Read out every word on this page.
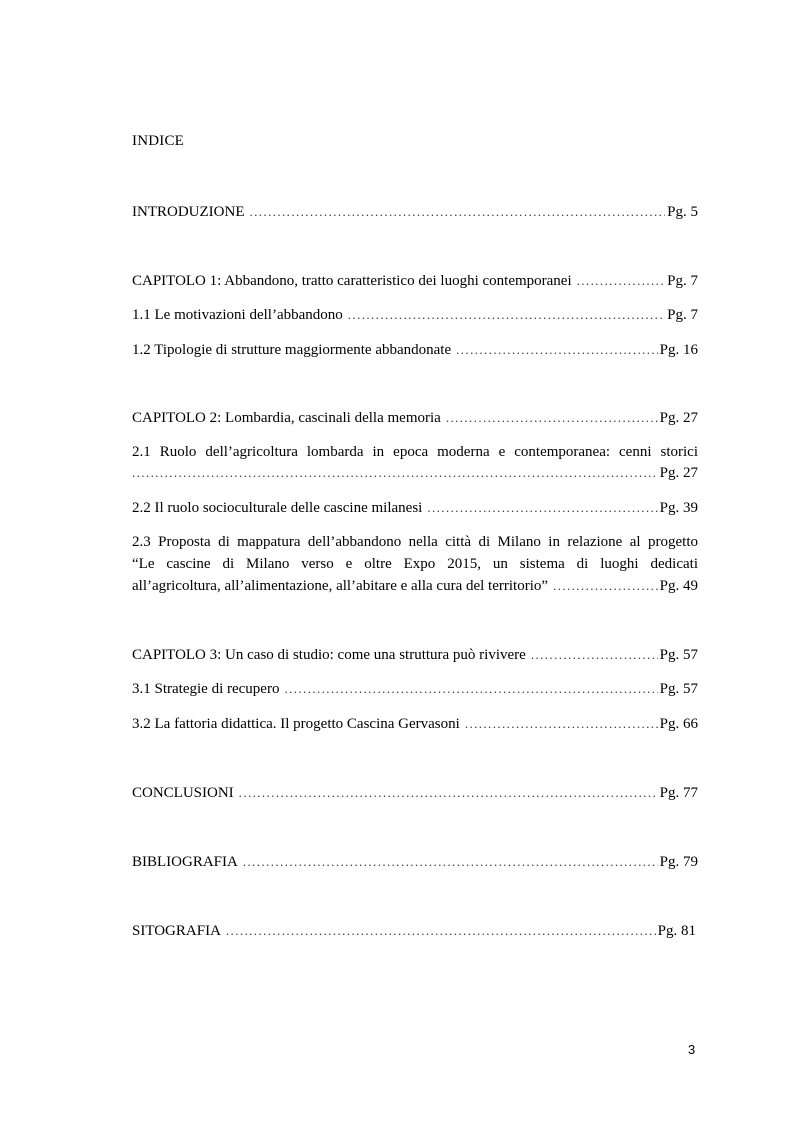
INDICE
INTRODUZIONE .....	Pg. 5
CAPITOLO 1: Abbandono, tratto caratteristico dei luoghi contemporanei .....	Pg. 7
1.1 Le motivazioni dell’abbandono .....	Pg. 7
1.2 Tipologie di strutture maggiormente abbandonate .....	Pg. 16
CAPITOLO 2: Lombardia, cascinali della memoria .....	Pg. 27
2.1 Ruolo dell’agricoltura lombarda in epoca moderna e contemporanea: cenni storici
.....
Pg. 27
2.2 Il ruolo socioculturale delle cascine milanesi .....	Pg. 39
2.3 Proposta di mappatura dell’abbandono nella città di Milano in relazione al progetto
“Le cascine di Milano verso e oltre Expo 2015, un sistema di luoghi dedicati
all’agricoltura, all’alimentazione, all’abitare e alla cura del territorio” .....	Pg. 49
CAPITOLO 3: Un caso di studio: come una struttura può rivivere .....	Pg. 57
3.1 Strategie di recupero .....	Pg. 57
3.2 La fattoria didattica. Il progetto Cascina Gervasoni .....	Pg. 66
CONCLUSIONI .....	Pg. 77
BIBLIOGRAFIA .....	Pg. 79
SITOGRAFIA .....	Pg. 81
3
